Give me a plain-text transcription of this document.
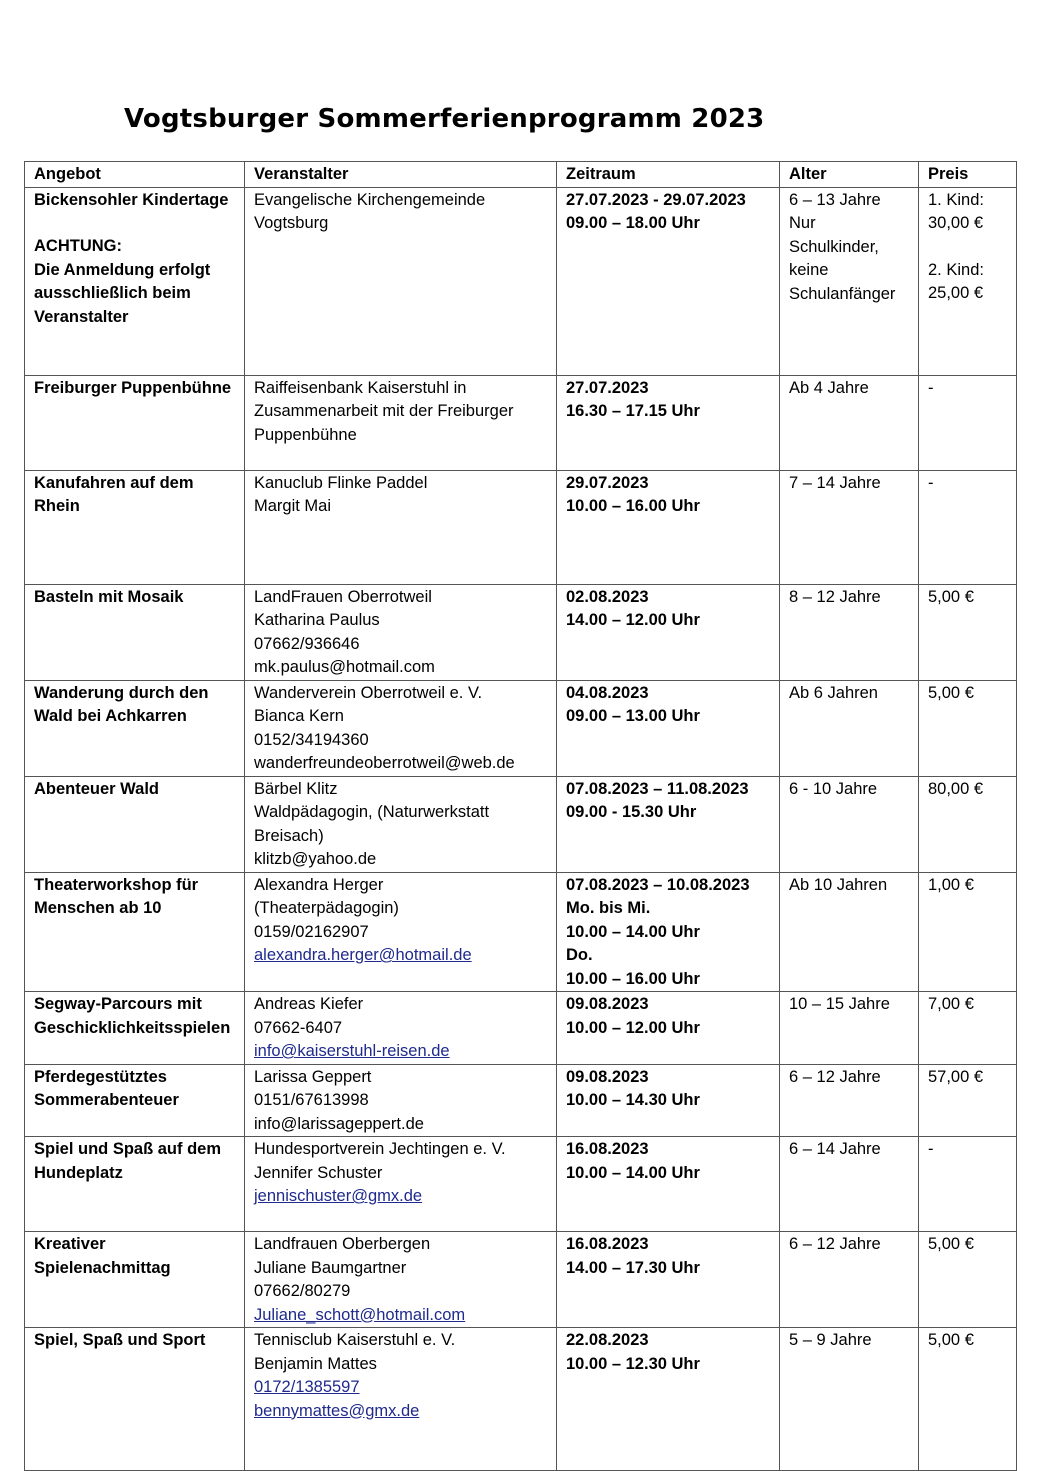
Vogtsburger Sommerferienprogramm 2023
Angebot	Veranstalter	Zeitraum	Alter	Preis

Bickensohler Kindertage
ACHTUNG:
Die Anmeldung erfolgt ausschließlich beim Veranstalter	Evangelische Kirchengemeinde Vogtsburg	27.07.2023 - 29.07.2023
09.00 – 18.00 Uhr	6 – 13 Jahre
Nur Schulkinder, keine Schulanfänger	1. Kind: 30,00 €
2. Kind: 25,00 €

Freiburger Puppenbühne	Raiffeisenbank Kaiserstuhl in Zusammenarbeit mit der Freiburger Puppenbühne	27.07.2023
16.30 – 17.15 Uhr	Ab 4 Jahre	-

Kanufahren auf dem Rhein	Kanuclub Flinke Paddel
Margit Mai	29.07.2023
10.00 – 16.00 Uhr	7 – 14 Jahre	-

Basteln mit Mosaik	LandFrauen Oberrotweil
Katharina Paulus
07662/936646
mk.paulus@hotmail.com	02.08.2023
14.00 – 12.00 Uhr	8 – 12 Jahre	5,00 €

Wanderung durch den Wald bei Achkarren	Wanderverein Oberrotweil e. V.
Bianca Kern
0152/34194360
wanderfreundeoberrotweil@web.de	04.08.2023
09.00 – 13.00 Uhr	Ab 6 Jahren	5,00 €

Abenteuer Wald	Bärbel Klitz
Waldpädagogin, (Naturwerkstatt Breisach)
klitzb@yahoo.de	07.08.2023 – 11.08.2023
09.00 - 15.30 Uhr	6 - 10 Jahre	80,00 €

Theaterworkshop für Menschen ab 10	Alexandra Herger
(Theaterpädagogin)
0159/02162907
alexandra.herger@hotmail.de	07.08.2023 – 10.08.2023
Mo. bis Mi.
10.00 – 14.00 Uhr
Do.
10.00 – 16.00 Uhr	Ab 10 Jahren	1,00 €

Segway-Parcours mit Geschicklichkeitsspielen	Andreas Kiefer
07662-6407
info@kaiserstuhl-reisen.de	09.08.2023
10.00 – 12.00 Uhr	10 – 15 Jahre	7,00 €

Pferdegestütztes Sommerabenteuer	Larissa Geppert
0151/67613998
info@larissageppert.de	09.08.2023
10.00 – 14.30 Uhr	6 – 12 Jahre	57,00 €

Spiel und Spaß auf dem Hundeplatz	Hundesportverein Jechtingen e. V.
Jennifer Schuster
jennischuster@gmx.de	16.08.2023
10.00 – 14.00 Uhr	6 – 14 Jahre	-

Kreativer Spielenachmittag	Landfrauen Oberbergen
Juliane Baumgartner
07662/80279
Juliane_schott@hotmail.com	16.08.2023
14.00 – 17.30 Uhr	6 – 12 Jahre	5,00 €

Spiel, Spaß und Sport	Tennisclub Kaiserstuhl e. V.
Benjamin Mattes
0172/1385597
bennymattes@gmx.de	22.08.2023
10.00 – 12.30 Uhr	5 – 9 Jahre	5,00 €
